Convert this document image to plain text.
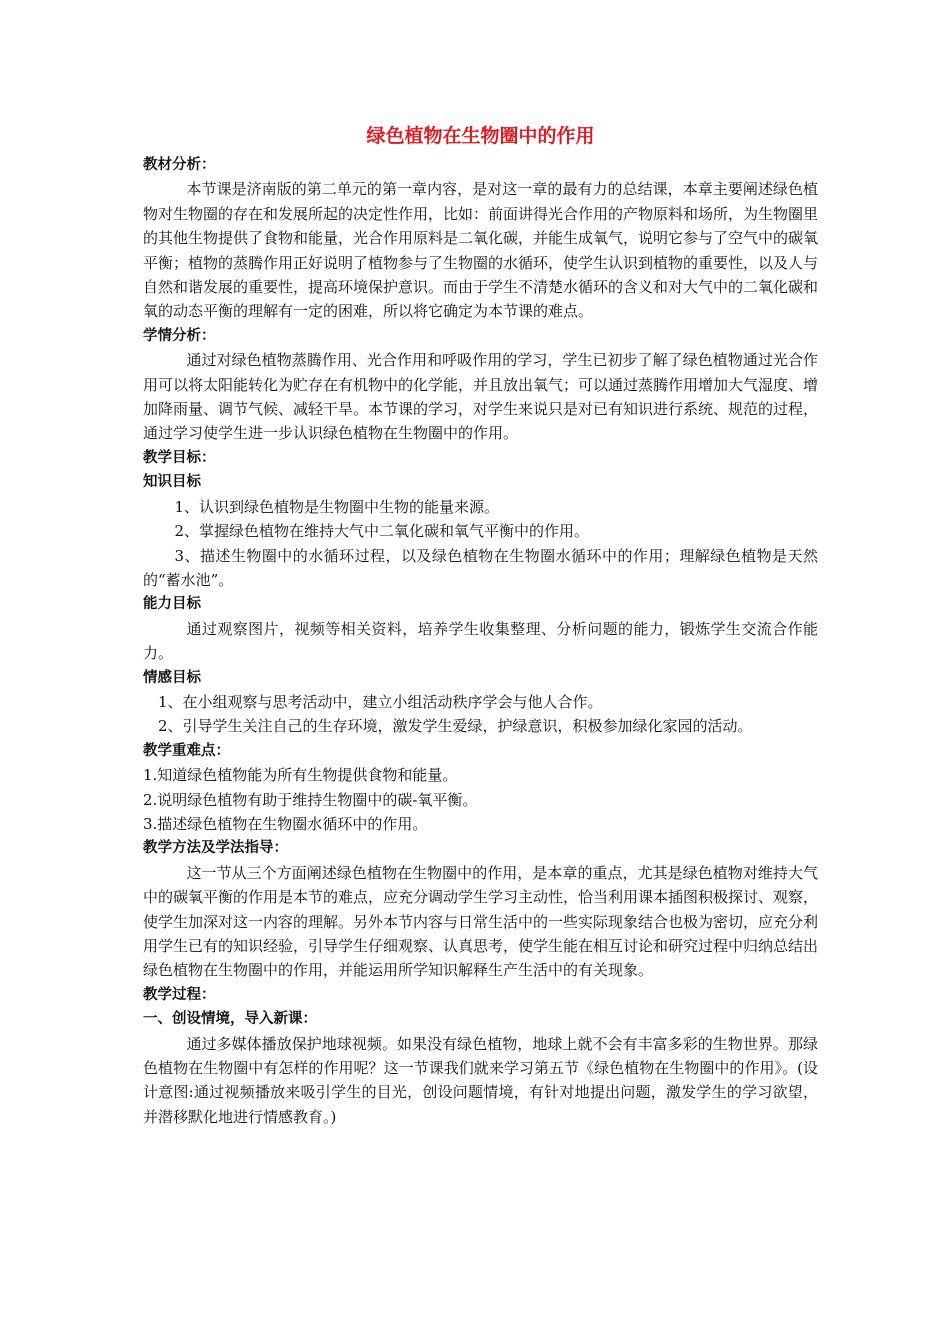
绿色植物在生物圈中的作用
教材分析：

本节课是济南版的第二单元的第一章内容，是对这一章的最有力的总结课，本章主要阐述绿色植物对生物圈的存在和发展所起的决定性作用，比如：前面讲得光合作用的产物原料和场所，为生物圈里的其他生物提供了食物和能量，光合作用原料是二氧化碳，并能生成氧气，说明它参与了空气中的碳氧平衡；植物的蒸腾作用正好说明了植物参与了生物圈的水循环，使学生认识到植物的重要性，以及人与自然和谐发展的重要性，提高环境保护意识。而由于学生不清楚水循环的含义和对大气中的二氧化碳和氧的动态平衡的理解有一定的困难，所以将它确定为本节课的难点。

学情分析：

通过对绿色植物蒸腾作用、光合作用和呼吸作用的学习，学生已初步了解了绿色植物通过光合作用可以将太阳能转化为贮存在有机物中的化学能，并且放出氧气；可以通过蒸腾作用增加大气湿度、增加降雨量、调节气候、减轻干旱。本节课的学习，对学生来说只是对已有知识进行系统、规范的过程，通过学习使学生进一步认识绿色植物在生物圈中的作用。

教学目标：
知识目标

1、认识到绿色植物是生物圈中生物的能量来源。

2、掌握绿色植物在维持大气中二氧化碳和氧气平衡中的作用。

3、描述生物圈中的水循环过程，以及绿色植物在生物圈水循环中的作用；理解绿色植物是天然的“蓄水池”。

能力目标

通过观察图片，视频等相关资料，培养学生收集整理、分析问题的能力，锻炼学生交流合作能力。

情感目标

1、在小组观察与思考活动中，建立小组活动秩序学会与他人合作。

2、引导学生关注自己的生存环境，激发学生爱绿，护绿意识，积极参加绿化家园的活动。

教学重难点：

1.知道绿色植物能为所有生物提供食物和能量。

2.说明绿色植物有助于维持生物圈中的碳-氧平衡。

3.描述绿色植物在生物圈水循环中的作用。

教学方法及学法指导：

这一节从三个方面阐述绿色植物在生物圈中的作用，是本章的重点，尤其是绿色植物对维持大气中的碳氧平衡的作用是本节的难点，应充分调动学生学习主动性，恰当利用课本插图积极探讨、观察，使学生加深对这一内容的理解。另外本节内容与日常生活中的一些实际现象结合也极为密切，应充分利用学生已有的知识经验，引导学生仔细观察、认真思考，使学生能在相互讨论和研究过程中归纳总结出绿色植物在生物圈中的作用，并能运用所学知识解释生产生活中的有关现象。

教学过程：
一、创设情境，导入新课：

通过多媒体播放保护地球视频。如果没有绿色植物，地球上就不会有丰富多彩的生物世界。那绿色植物在生物圈中有怎样的作用呢？这一节课我们就来学习第五节《绿色植物在生物圈中的作用》。(设计意图:通过视频播放来吸引学生的目光，创设问题情境，有针对地提出问题，激发学生的学习欲望，并潜移默化地进行情感教育。)
